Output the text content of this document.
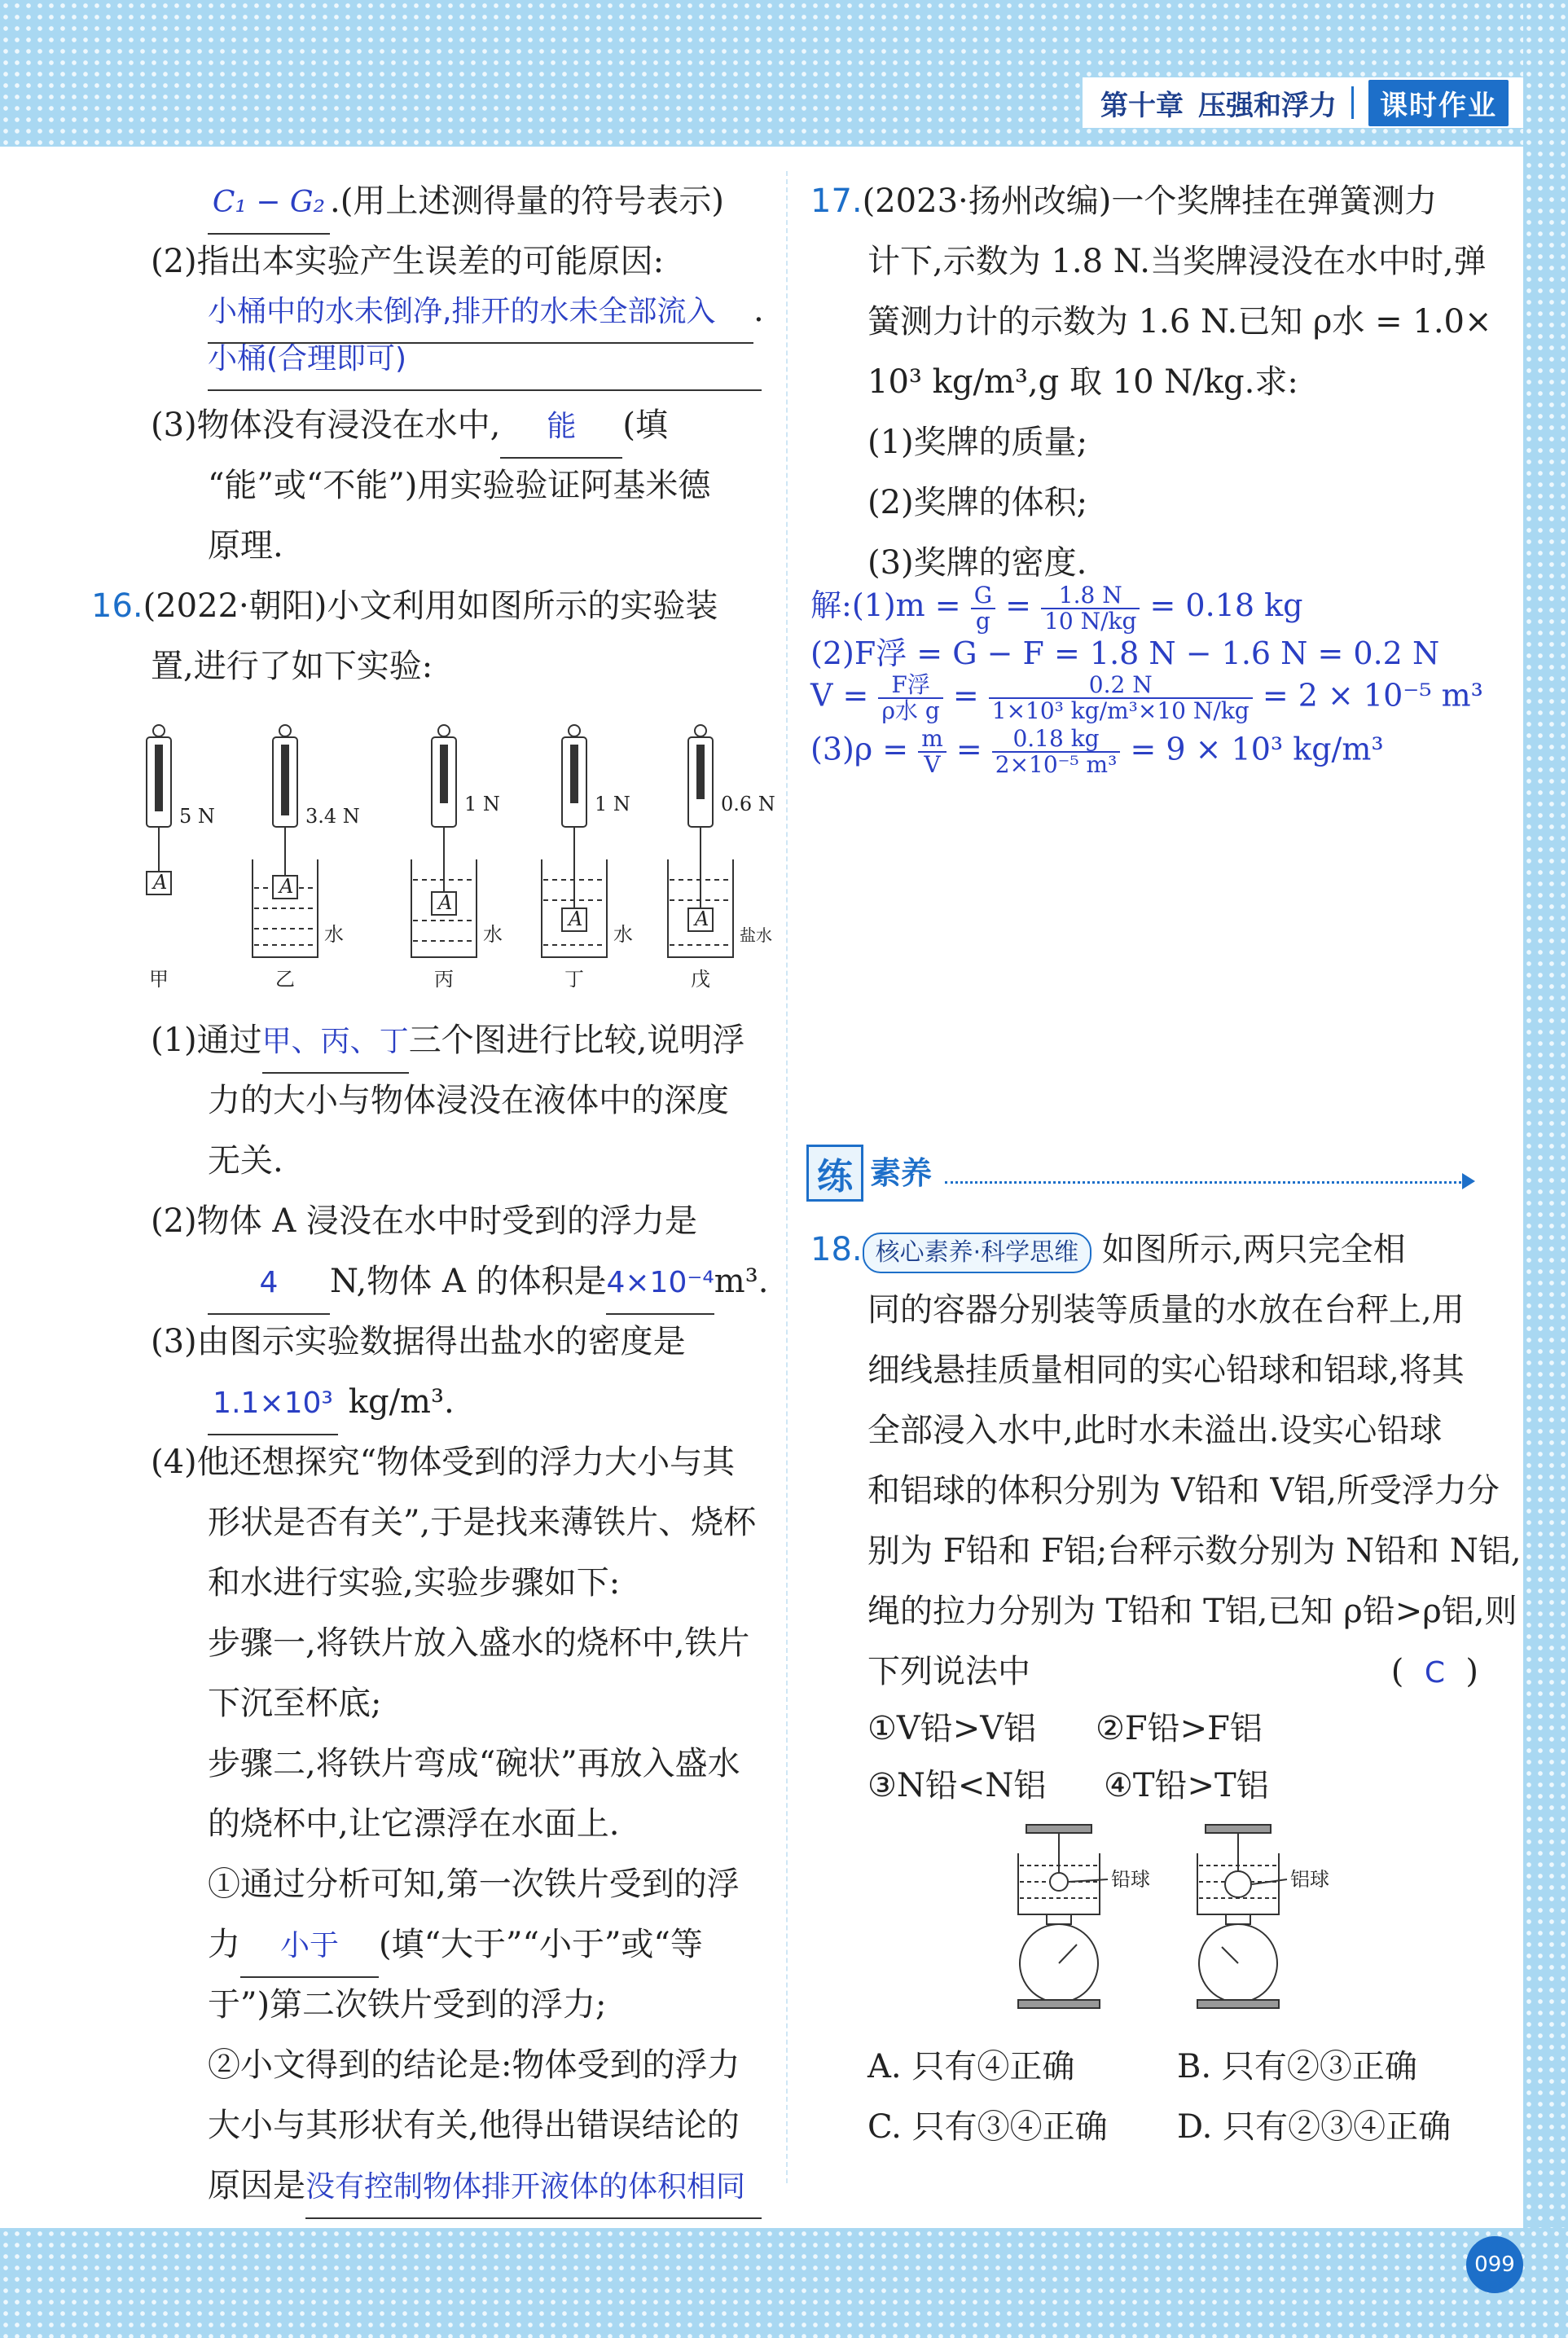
第十章 压强和浮力	课时作业
C₁ − G₂ .(用上述测得量的符号表示)
(2)指出本实验产生误差的可能原因:
小桶中的水未倒净,排开的水未全部流入 .
小桶(合理即可)
(3)物体没有浸没在水中, 能 (填
“能”或“不能”)用实验验证阿基米德
原理.
16.(2022·朝阳)小文利用如图所示的实验装
置,进行了如下实验:
A	A
A
A	A
5 N	3.4 N
1 N	1 N	0.6 N
水	水	水	盐水
甲	乙	丙	丁	戊
(1)通过甲、丙、丁三个图进行比较,说明浮
力的大小与物体浸没在液体中的深度
无关.
(2)物体 A 浸没在水中时受到的浮力是
4 N,物体 A 的体积是4×10⁻⁴m³.
(3)由图示实验数据得出盐水的密度是
1.1×10³ kg/m³.
(4)他还想探究“物体受到的浮力大小与其
形状是否有关”,于是找来薄铁片、烧杯
和水进行实验,实验步骤如下:
步骤一,将铁片放入盛水的烧杯中,铁片
下沉至杯底;
步骤二,将铁片弯成“碗状”再放入盛水
的烧杯中,让它漂浮在水面上.
①通过分析可知,第一次铁片受到的浮
力 小于 (填“大于”“小于”或“等
于”)第二次铁片受到的浮力;
②小文得到的结论是:物体受到的浮力
大小与其形状有关,他得出错误结论的
原因是没有控制物体排开液体的体积相同
17.(2023·扬州改编)一个奖牌挂在弹簧测力
计下,示数为 1.8 N.当奖牌浸没在水中时,弹
簧测力计的示数为 1.6 N.已知 ρ水 = 1.0×
10³ kg/m³,g 取 10 N/kg.求:
(1)奖牌的质量;
(2)奖牌的体积;
(3)奖牌的密度.
解:(1)m = $\frac{G}{g} = \frac{1.8 N}{10 N/kg} = 0.18$ kg
(2)F浮 = G − F = 1.8 N − 1.6 N = 0.2 N
$V = \frac{\text{F浮}}{\text{ρ水 g}} = \frac{0.2 N}{\text{1×10³ kg/m³×10 N/kg}} = 2 \times 10^{-5}$ m³
$(3)\rho = \frac{m}{V} = \frac{0.18 kg}{\text{2×10⁻⁵ m³}} = 9 \times 10^3$ kg/m³
练 素养
18. 核心素养·科学思维 如图所示,两只完全相
同的容器分别装等质量的水放在台秤上,用
细线悬挂质量相同的实心铅球和铝球,将其
全部浸入水中,此时水未溢出.设实心铅球
和铝球的体积分别为 V铅和 V铝,所受浮力分
别为 F铅和 F铝;台秤示数分别为 N铅和 N铝,
绳的拉力分别为 T铅和 T铝,已知 ρ铅>ρ铝,则
下列说法中	(  C  )
①V铅>V铝 ②F铅>F铝
③N铅<N铝 ④T铅>T铝
铅球	铝球
A. 只有④正确	B. 只有②③正确
C. 只有③④正确 D. 只有②③④正确
099
